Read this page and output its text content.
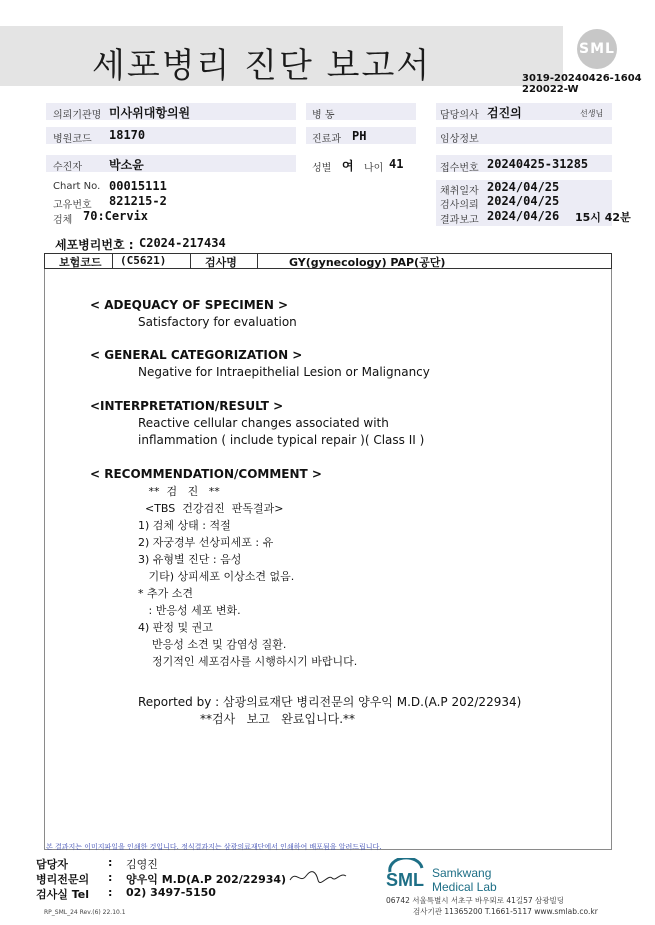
세포병리 진단 보고서	SML
3019-20240426-1604
220022-W
의뢰기관명 미사위대항의원	병 동	담당의사 검진의	선생님
병원코드 18170	진료과 PH	임상정보
수진자 박소윤	성별 여 나이 41	접수번호 20240425-31285
Chart No. 00015111
고유번호 821215-2
검체 70:Cervix
채취일자 2024/04/25
검사의뢰 2024/04/25
결과보고 2024/04/26 15시 42분
세포병리번호 : C2024-217434
보험코드 (C5621)	검사명	GY(gynecology) PAP(공단)
< ADEQUACY OF SPECIMEN >
Satisfactory for evaluation
< GENERAL CATEGORIZATION >
Negative for Intraepithelial Lesion or Malignancy
<INTERPRETATION/RESULT >
Reactive cellular changes associated with
inflammation ( include typical repair )( Class II )
< RECOMMENDATION/COMMENT >
**  검   진   **
<TBS  건강검진  판독결과>
1) 검체 상태 : 적절
2) 자궁경부 선상피세포 : 유
3) 유형별 진단 : 음성
기타) 상피세포 이상소견 없음.
* 추가 소견
: 반응성 세포 변화.
4) 판정 및 권고
반응성 소견 및 감염성 질환.
정기적인 세포검사를 시행하시기 바랍니다.
Reported by : 삼광의료재단 병리전문의 양우익 M.D.(A.P 202/22934)
**검사   보고   완료입니다.**
본 결과지는 이미지파일을 인쇄한 것입니다. 정식결과지는 삼광의료재단에서 인쇄하여 배포됨을 알려드립니다.
담당자	: 김영진
병리전문의 : 양우익 M.D(A.P 202/22934)
검사실 Tel : 02) 3497-5150
RP_SML_24 Rev.(6) 22.10.1
SML Samkwang
Medical Lab
06742 서울특별시 서초구 바우뫼로 41길57 삼광빌딩
검사기관 11365200 T.1661-5117 www.smlab.co.kr
